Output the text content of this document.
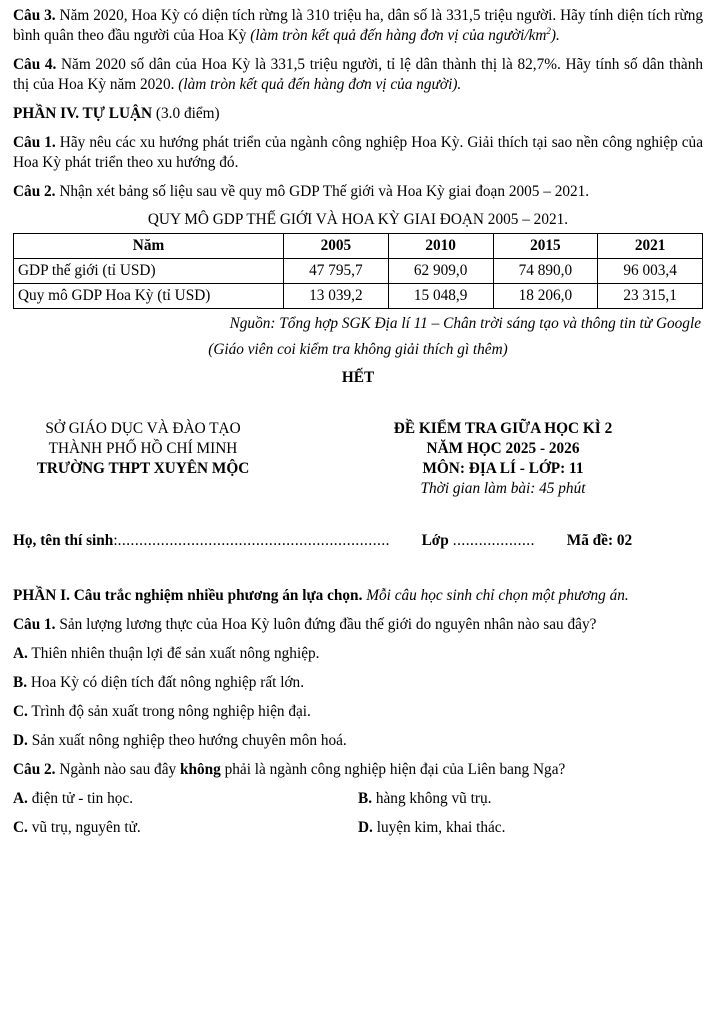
Câu 3. Năm 2020, Hoa Kỳ có diện tích rừng là 310 triệu ha, dân số là 331,5 triệu người. Hãy tính diện tích rừng bình quân theo đầu người của Hoa Kỳ (làm tròn kết quả đến hàng đơn vị của người/$km^2$).

Câu 4. Năm 2020 số dân của Hoa Kỳ là 331,5 triệu người, tỉ lệ dân thành thị là 82,7%. Hãy tính số dân thành thị của Hoa Kỳ năm 2020. (làm tròn kết quả đến hàng đơn vị của người).

PHẦN IV. TỰ LUẬN (3.0 điểm)

Câu 1. Hãy nêu các xu hướng phát triển của ngành công nghiệp Hoa Kỳ. Giải thích tại sao nền công nghiệp của Hoa Kỳ phát triển theo xu hướng đó.

Câu 2. Nhận xét bảng số liệu sau về quy mô GDP Thế giới và Hoa Kỳ giai đoạn 2005 – 2021.

QUY MÔ GDP THẾ GIỚI VÀ HOA KỲ GIAI ĐOẠN 2005 – 2021.
Năm	2005	2010	2015	2021
GDP thế giới (tỉ USD)	47 795,7	62 909,0	74 890,0	96 003,4
Quy mô GDP Hoa Kỳ (tỉ USD)	13 039,2	15 048,9	18 206,0	23 315,1
Nguồn: Tổng hợp SGK Địa lí 11 – Chân trời sáng tạo và thông tin từ Google
(Giáo viên coi kiểm tra không giải thích gì thêm)
HẾT
SỞ GIÁO DỤC VÀ ĐÀO TẠO
THÀNH PHỐ HỒ CHÍ MINH
TRƯỜNG THPT XUYÊN MỘC
ĐỀ KIỂM TRA GIỮA HỌC KÌ 2
NĂM HỌC 2025 - 2026
MÔN: ĐỊA LÍ - LỚP: 11
Thời gian làm bài: 45 phút
Họ, tên thí sinh : ...............................................................	Lớp ...................	Mã đề: 02

PHẦN I. Câu trắc nghiệm nhiều phương án lựa chọn. Mỗi câu học sinh chỉ chọn một phương án.

Câu 1. Sản lượng lương thực của Hoa Kỳ luôn đứng đầu thế giới do nguyên nhân nào sau đây?

A. Thiên nhiên thuận lợi để sản xuất nông nghiệp.

B. Hoa Kỳ có diện tích đất nông nghiệp rất lớn.

C. Trình độ sản xuất trong nông nghiệp hiện đại.

D. Sản xuất nông nghiệp theo hướng chuyên môn hoá.

Câu 2. Ngành nào sau đây không phải là ngành công nghiệp hiện đại của Liên bang Nga?

A. điện tử - tin học.	B. hàng không vũ trụ.
C. vũ trụ, nguyên tử.	D. luyện kim, khai thác.
